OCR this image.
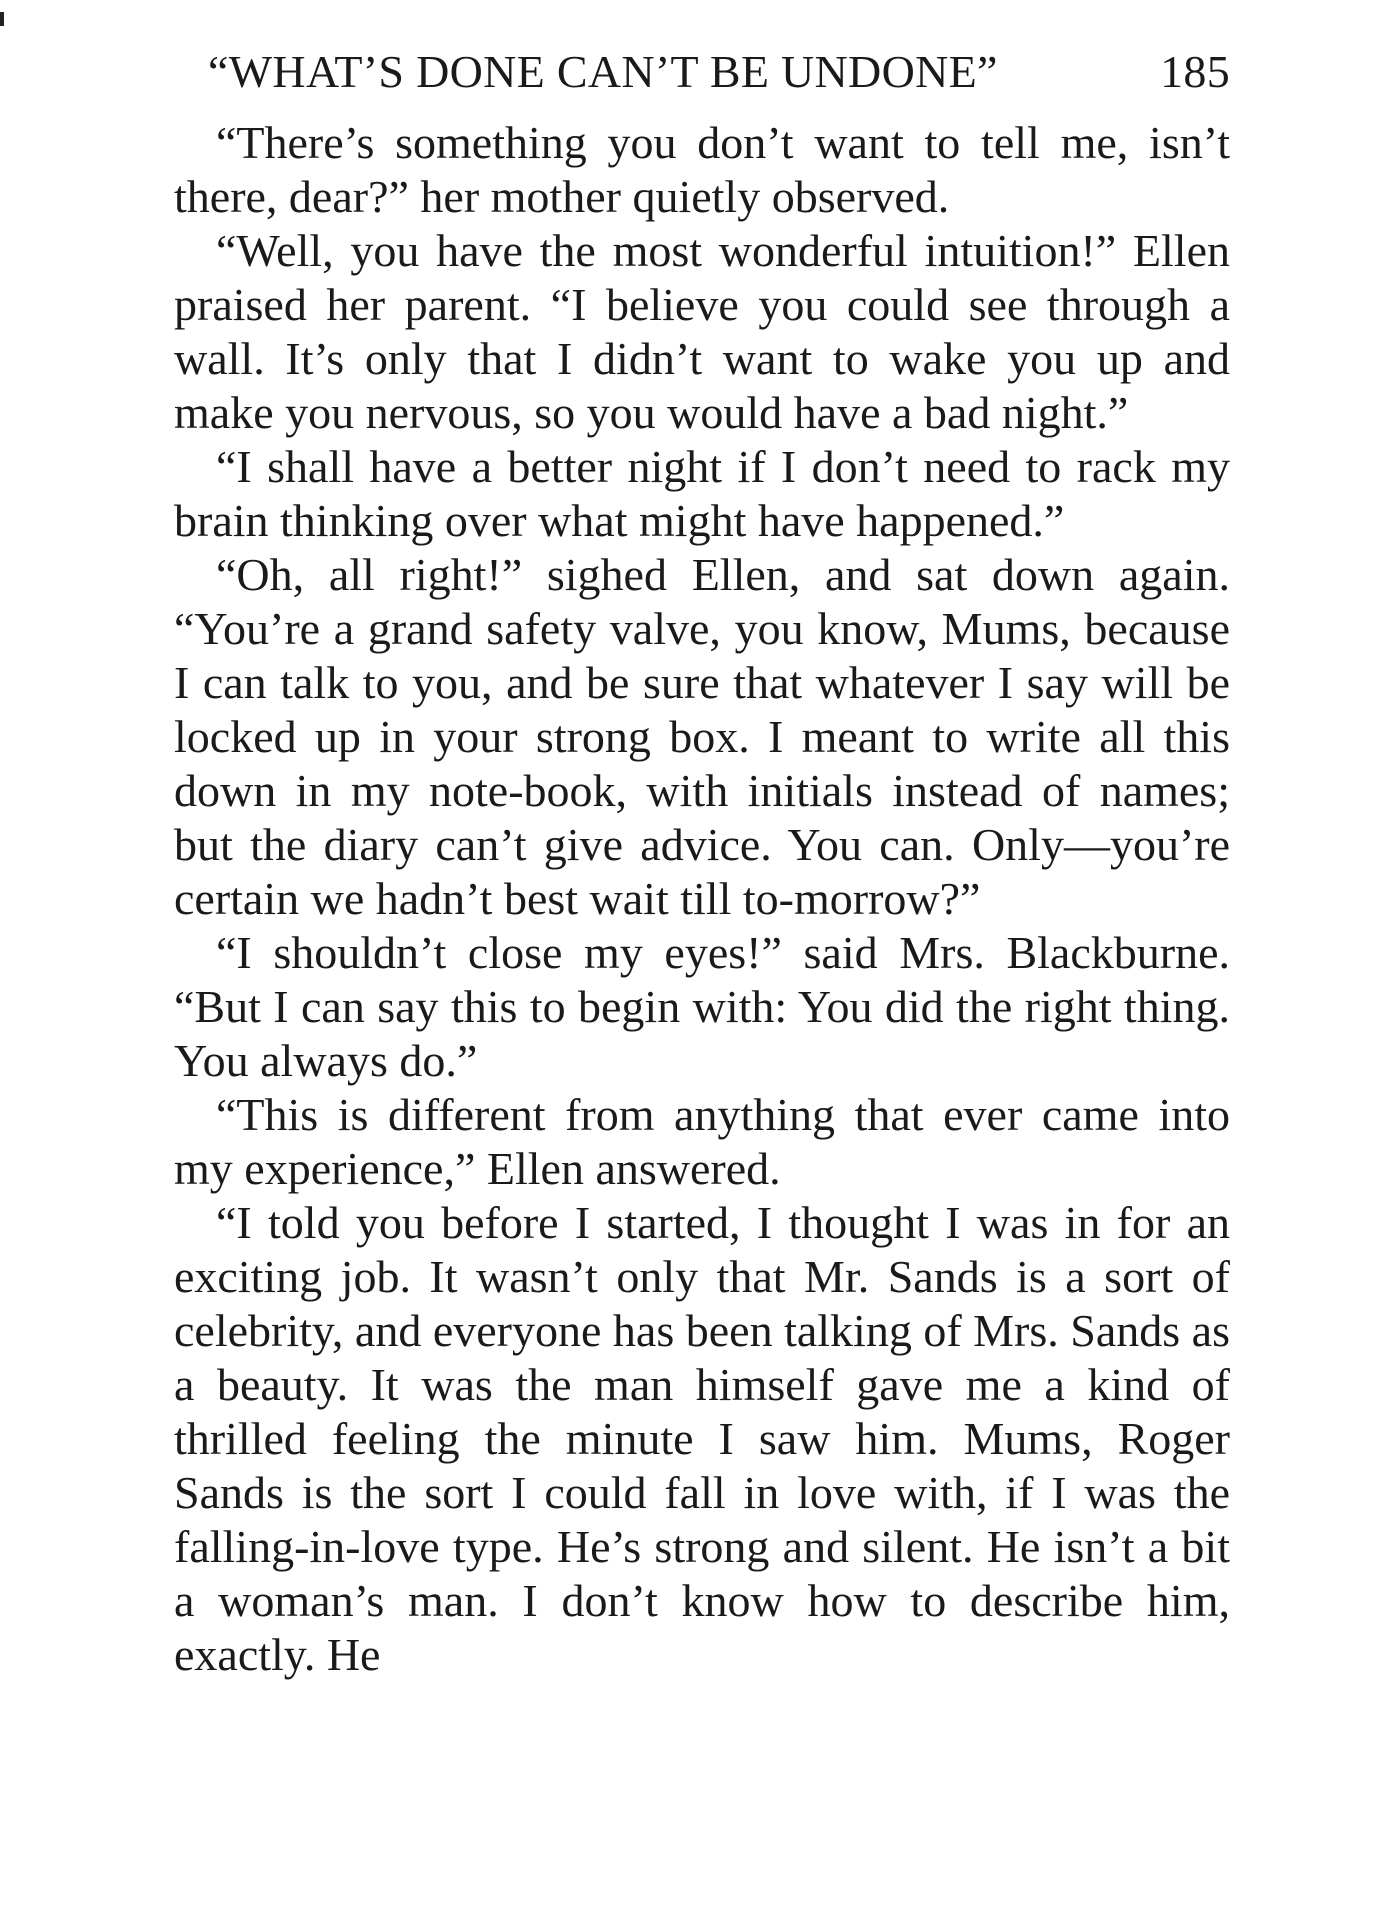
“WHAT’S DONE CAN’T BE UNDONE”	185

“There’s something you don’t want to tell me, isn’t there, dear?” her mother quietly observed.

“Well, you have the most wonderful intuition!” Ellen praised her parent. “I believe you could see through a wall. It’s only that I didn’t want to wake you up and make you nervous, so you would have a bad night.”

“I shall have a better night if I don’t need to rack my brain thinking over what might have happened.”

“Oh, all right!” sighed Ellen, and sat down again. “You’re a grand safety valve, you know, Mums, because I can talk to you, and be sure that whatever I say will be locked up in your strong box. I meant to write all this down in my note-book, with initials instead of names; but the diary can’t give advice. You can. Only—you’re certain we hadn’t best wait till to-morrow?”

“I shouldn’t close my eyes!” said Mrs. Blackburne. “But I can say this to begin with: You did the right thing. You always do.”

“This is different from anything that ever came into my experience,” Ellen answered.

“I told you before I started, I thought I was in for an exciting job. It wasn’t only that Mr. Sands is a sort of celebrity, and everyone has been talking of Mrs. Sands as a beauty. It was the man himself gave me a kind of thrilled feeling the minute I saw him. Mums, Roger Sands is the sort I could fall in love with, if I was the falling-in-love type. He’s strong and silent. He isn’t a bit a woman’s man. I don’t know how to describe him, exactly. He
